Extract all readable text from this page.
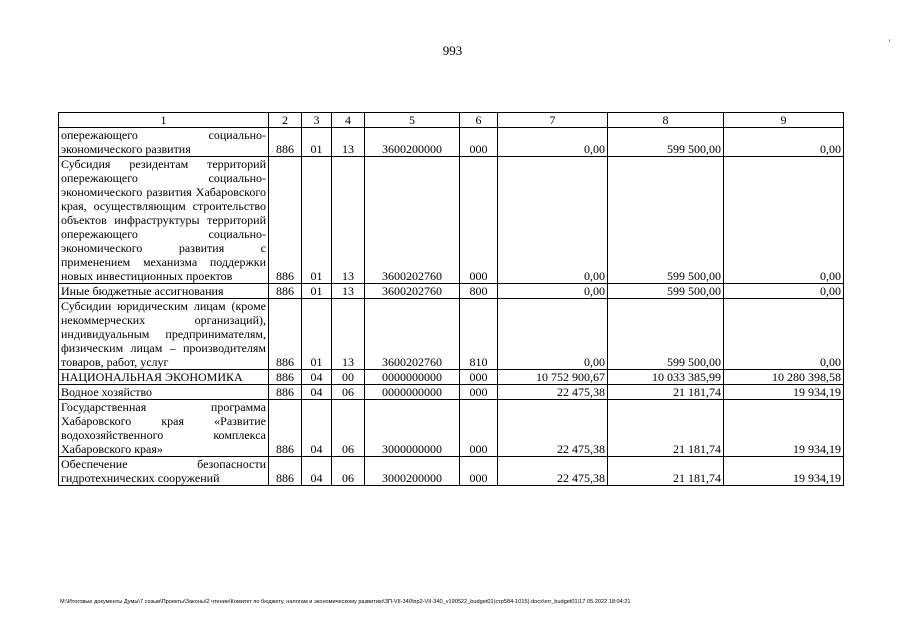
993
'
1	2	3	4	5	6	7	8	9
опережающего социально-экономического развития	886	01	13	3600200000	000	0,00	599 500,00	0,00
Субсидия резидентам территорий опережающего социально-экономического развития Хабаровского края, осуществляющим строительство объектов инфраструктуры территорий опережающего социально-экономического развития с применением механизма поддержки новых инвестиционных проектов	886	01	13	3600202760	000	0,00	599 500,00	0,00
Иные бюджетные ассигнования	886	01	13	3600202760	800	0,00	599 500,00	0,00
Субсидии юридическим лицам (кроме некоммерческих организаций), индивидуальным предпринимателям, физическим лицам – производителям товаров, работ, услуг	886	01	13	3600202760	810	0,00	599 500,00	0,00
НАЦИОНАЛЬНАЯ ЭКОНОМИКА	886	04	00	0000000000	000	10 752 900,67	10 033 385,99	10 280 398,58
Водное хозяйство	886	04	06	0000000000	000	22 475,38	21 181,74	19 934,19
Государственная программа Хабаровского края «Развитие водохозяйственного комплекса Хабаровского края»	886	04	06	3000000000	000	22 475,38	21 181,74	19 934,19
Обеспечение безопасности гидротехнических сооружений	886	04	06	3000200000	000	22 475,38	21 181,74	19 934,19
M:\Итоговые документы Думы\7 созыв\Проекты\Законы\2 чтение\Комитет по бюджету, налогам и экономическому развитию\ЗП-VII-340\пр2-VII-340_v190522_budget01(стр584-1015).docx\err_budget01\17.05.2022 18:04:21
